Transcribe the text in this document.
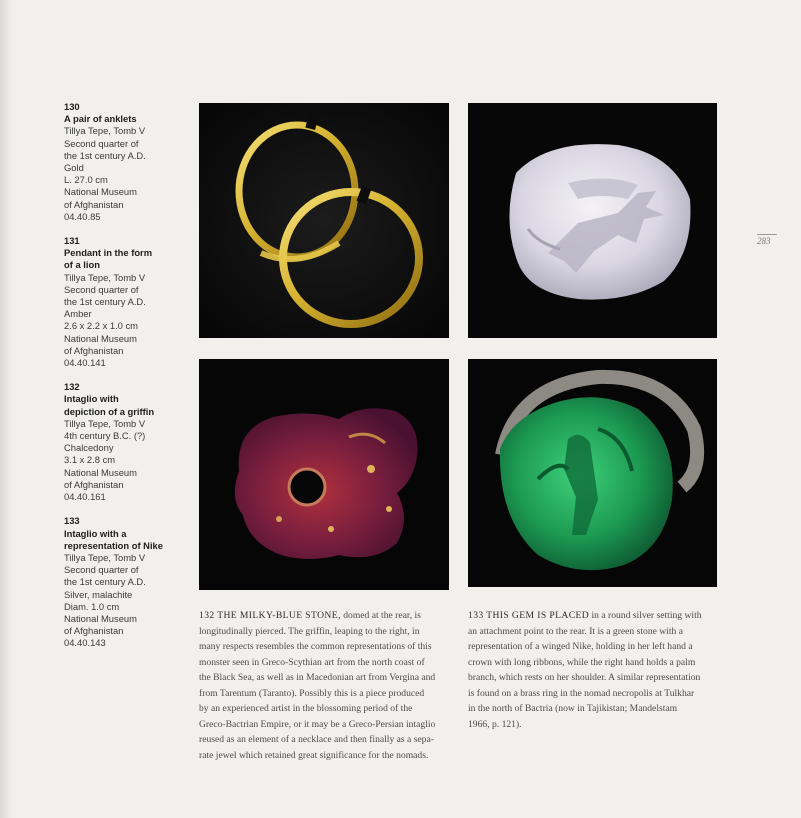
130
A pair of anklets
Tillya Tepe, Tomb V
Second quarter of
the 1st century A.D.
Gold
L. 27.0 cm
National Museum
of Afghanistan
04.40.85
131
Pendant in the form
of a lion
Tillya Tepe, Tomb V
Second quarter of
the 1st century A.D.
Amber
2.6 x 2.2 x 1.0 cm
National Museum
of Afghanistan
04.40.141
132
Intaglio with
depiction of a griffin
Tillya Tepe, Tomb V
4th century B.C. (?)
Chalcedony
3.1 x 2.8 cm
National Museum
of Afghanistan
04.40.161
133
Intaglio with a
representation of Nike
Tillya Tepe, Tomb V
Second quarter of
the 1st century A.D.
Silver, malachite
Diam. 1.0 cm
National Museum
of Afghanistan
04.40.143
132 THE MILKY-BLUE STONE, domed at the rear, is
longitudinally pierced. The griffin, leaping to the right, in
many respects resembles the common representations of this
monster seen in Greco-Scythian art from the north coast of
the Black Sea, as well as in Macedonian art from Vergina and
from Tarentum (Taranto). Possibly this is a piece produced
by an experienced artist in the blossoming period of the
Greco-Bactrian Empire, or it may be a Greco-Persian intaglio
reused as an element of a necklace and then finally as a sepa-
rate jewel which retained great significance for the nomads.
133 THIS GEM IS PLACED in a round silver setting with
an attachment point to the rear. It is a green stone with a
representation of a winged Nike, holding in her left hand a
crown with long ribbons, while the right hand holds a palm
branch, which rests on her shoulder. A similar representation
is found on a brass ring in the nomad necropolis at Tulkhar
in the north of Bactria (now in Tajikistan; Mandelstam
1966, p. 121).
283
